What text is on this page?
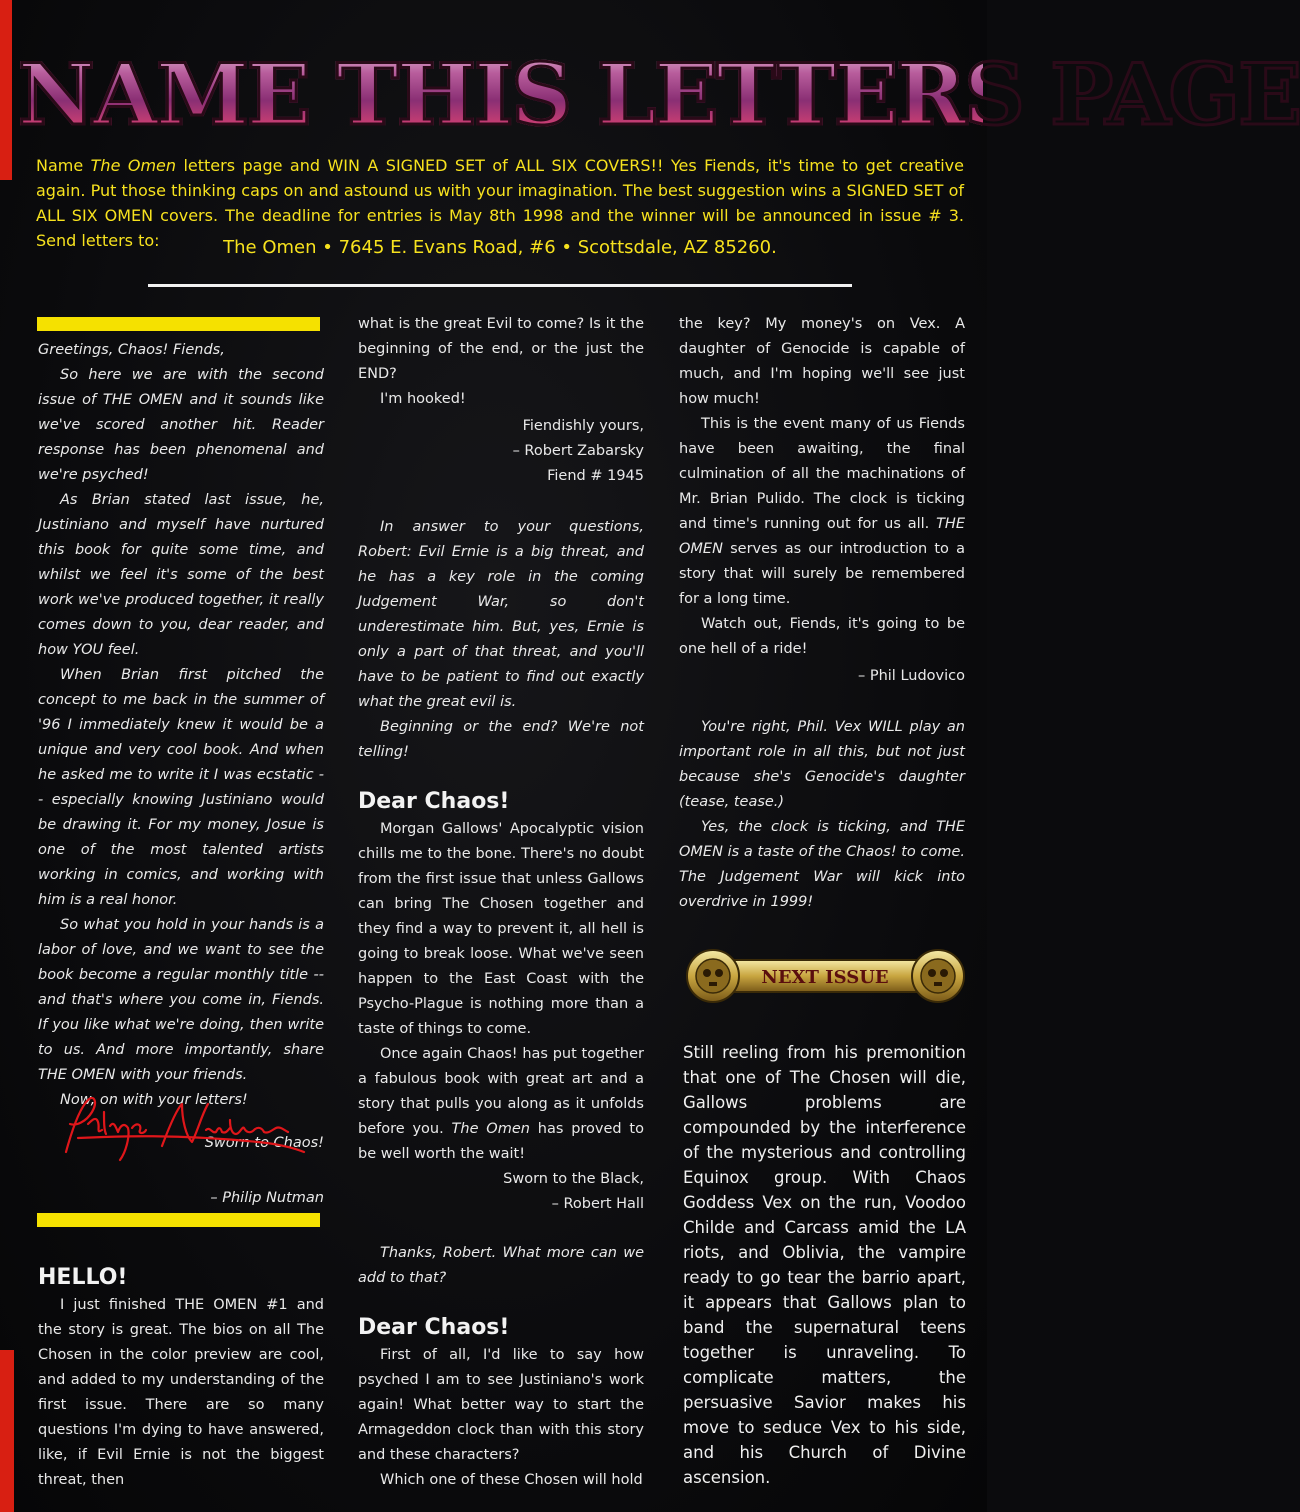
NAME THIS LETTERS PAGE
Name The Omen letters page and WIN A SIGNED SET of ALL SIX COVERS!! Yes Fiends, it's time to get creative again. Put those thinking caps on and astound us with your imagination. The best suggestion wins a SIGNED SET of ALL SIX OMEN covers. The deadline for entries is May 8th 1998 and the winner will be announced in issue # 3. Send letters to:	The Omen • 7645 E. Evans Road, #6 • Scottsdale, AZ 85260.

Greetings, Chaos! Fiends,

So here we are with the second issue of THE OMEN and it sounds like we've scored another hit. Reader response has been phenomenal and we're psyched!

As Brian stated last issue, he, Justiniano and myself have nurtured this book for quite some time, and whilst we feel it's some of the best work we've produced together, it really comes down to you, dear reader, and how YOU feel.

When Brian first pitched the concept to me back in the summer of '96 I immediately knew it would be a unique and very cool book. And when he asked me to write it I was ecstatic -- especially knowing Justiniano would be drawing it. For my money, Josue is one of the most talented artists working in comics, and working with him is a real honor.

So what you hold in your hands is a labor of love, and we want to see the book become a regular monthly title -- and that's where you come in, Fiends. If you like what we're doing, then write to us. And more importantly, share THE OMEN with your friends.

Now, on with your letters!

Sworn to Chaos!

– Philip Nutman

HELLO!

I just finished THE OMEN #1 and the story is great. The bios on all The Chosen in the color preview are cool, and added to my understanding of the first issue. There are so many questions I'm dying to have answered, like, if Evil Ernie is not the biggest threat, then

what is the great Evil to come? Is it the beginning of the end, or the just the END?

I'm hooked!

Fiendishly yours,

– Robert Zabarsky

Fiend # 1945

In answer to your questions, Robert: Evil Ernie is a big threat, and he has a key role in the coming Judgement War, so don't underestimate him. But, yes, Ernie is only a part of that threat, and you'll have to be patient to find out exactly what the great evil is.

Beginning or the end? We're not telling!

Dear Chaos!

Morgan Gallows' Apocalyptic vision chills me to the bone. There's no doubt from the first issue that unless Gallows can bring The Chosen together and they find a way to prevent it, all hell is going to break loose. What we've seen happen to the East Coast with the Psycho-Plague is nothing more than a taste of things to come.

Once again Chaos! has put together a fabulous book with great art and a story that pulls you along as it unfolds before you. The Omen has proved to be well worth the wait!

Sworn to the Black,

– Robert Hall

Thanks, Robert. What more can we add to that?

Dear Chaos!

First of all, I'd like to say how psyched I am to see Justiniano's work again! What better way to start the Armageddon clock than with this story and these characters?

Which one of these Chosen will hold

the key? My money's on Vex. A daughter of Genocide is capable of much, and I'm hoping we'll see just how much!

This is the event many of us Fiends have been awaiting, the final culmination of all the machinations of Mr. Brian Pulido. The clock is ticking and time's running out for us all. THE OMEN serves as our introduction to a story that will surely be remembered for a long time.

Watch out, Fiends, it's going to be one hell of a ride!

– Phil Ludovico

You're right, Phil. Vex WILL play an important role in all this, but not just because she's Genocide's daughter (tease, tease.)

Yes, the clock is ticking, and THE OMEN is a taste of the Chaos! to come. The Judgement War will kick into overdrive in 1999!

NEXT ISSUE
Still reeling from his premonition that one of The Chosen will die, Gallows problems are compounded by the interference of the mysterious and controlling Equinox group. With Chaos Goddess Vex on the run, Voodoo Childe and Carcass amid the LA riots, and Oblivia, the vampire ready to go tear the barrio apart, it appears that Gallows plan to band the supernatural teens together is unraveling. To complicate matters, the persuasive Savior makes his move to seduce Vex to his side, and his Church of Divine ascension.
